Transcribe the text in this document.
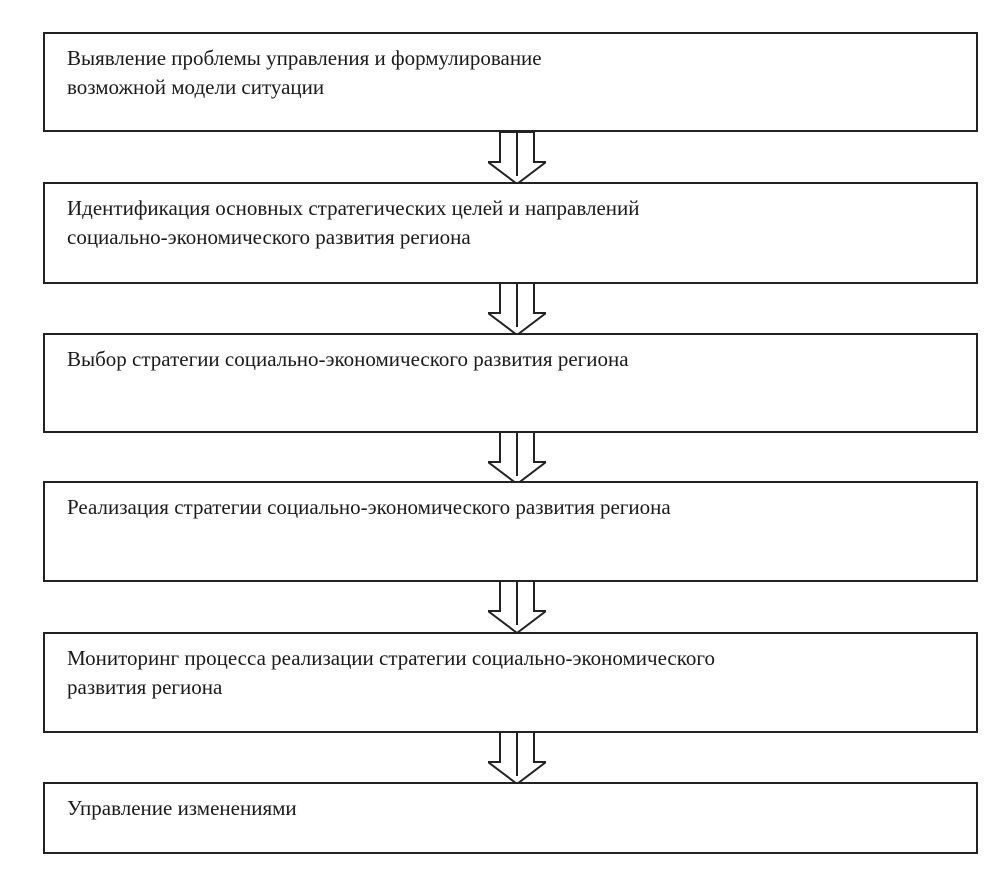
Выявление проблемы управления и формулирование
возможной модели ситуации
Идентификация основных стратегических целей и направлений
социально-экономического развития региона
Выбор стратегии социально-экономического развития региона
Реализация стратегии социально-экономического развития региона
Мониторинг процесса реализации стратегии социально-экономического
развития региона
Управление изменениями
